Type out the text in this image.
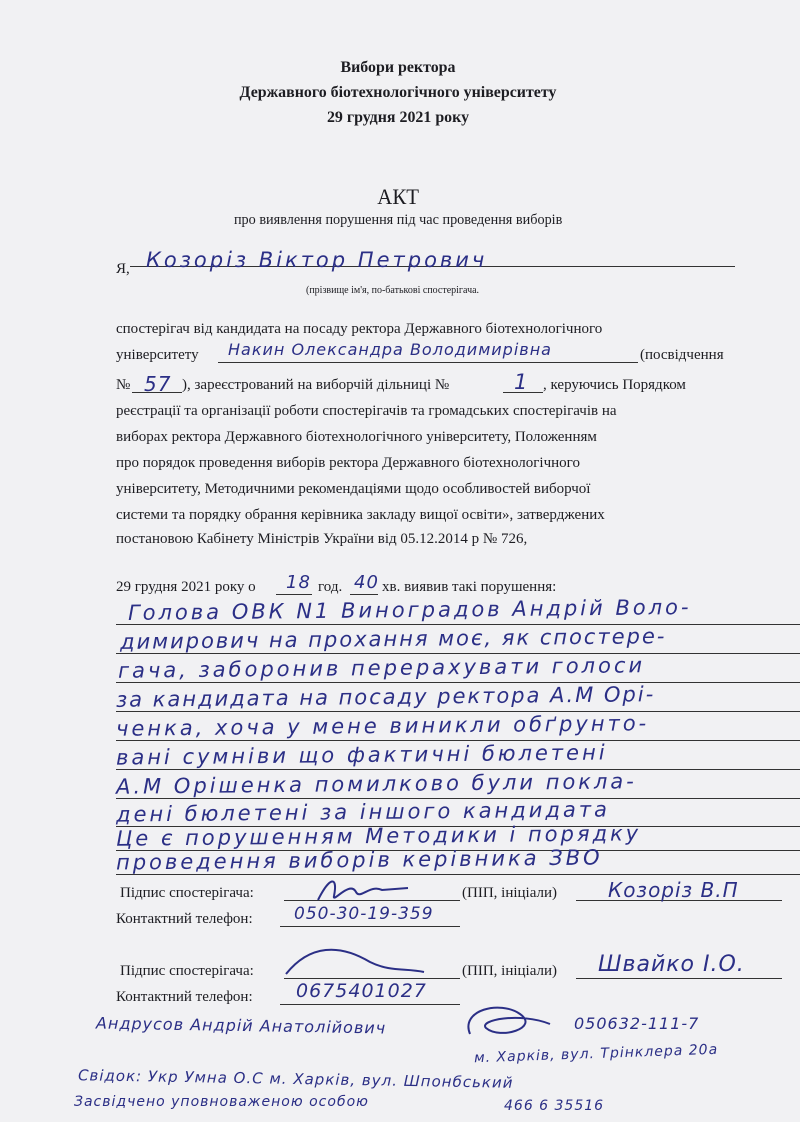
Вибори ректора
Державного біотехнологічного університету
29 грудня 2021 року
АКТ
про виявлення порушення під час проведення виборів
Я, Козоріз Віктор Петрович
(прізвище ім'я, по-батькові спостерігача.
спостерігач від кандидата на посаду ректора Державного біотехнологічного
університету Накин Олександра Володимирівна	(посвідчення
№ 57 ), зареєстрований на виборчій дільниці №	1 , керуючись Порядком
реєстрації та організації роботи спостерігачів та громадських спостерігачів на
виборах ректора Державного біотехнологічного університету, Положенням
про порядок проведення виборів ректора Державного біотехнологічного
університету, Методичними рекомендаціями щодо особливостей виборчої
системи та порядку обрання керівника закладу вищої освіти», затверджених
постановою Кабінету Міністрів України від 05.12.2014 р № 726,
29 грудня 2021 року о 18 год. 40 хв. виявив такі порушення:
Голова ОВК N1 Виноградов Андрій Воло-
димирович на прохання моє, як спостере-
гача, заборонив перерахувати голоси
за кандидата на посаду ректора А.М Орі-
ченка, хоча у мене виникли обґрунто-
вані сумніви що фактичні бюлетені
А.М Орішенка помилково були покла-
дені бюлетені за іншого кандидата
Це є порушенням Методики і порядку
проведення виборів керівника ЗВО
Підпис спостерігача:	(ПІП, ініціали)	Козоріз В.П
Контактний телефон: 050-30-19-359
Підпис спостерігача:	(ПІП, ініціали) Швайко І.О.
Контактний телефон: 0675401027
Андрусов Андрій Анатолійович	050632-111-7
м. Харків, вул. Трінклера 20а
Свідок: Укр Умна О.С м. Харків, вул. Шпонбський
Засвідчено уповноваженою особою	466 6 35516
